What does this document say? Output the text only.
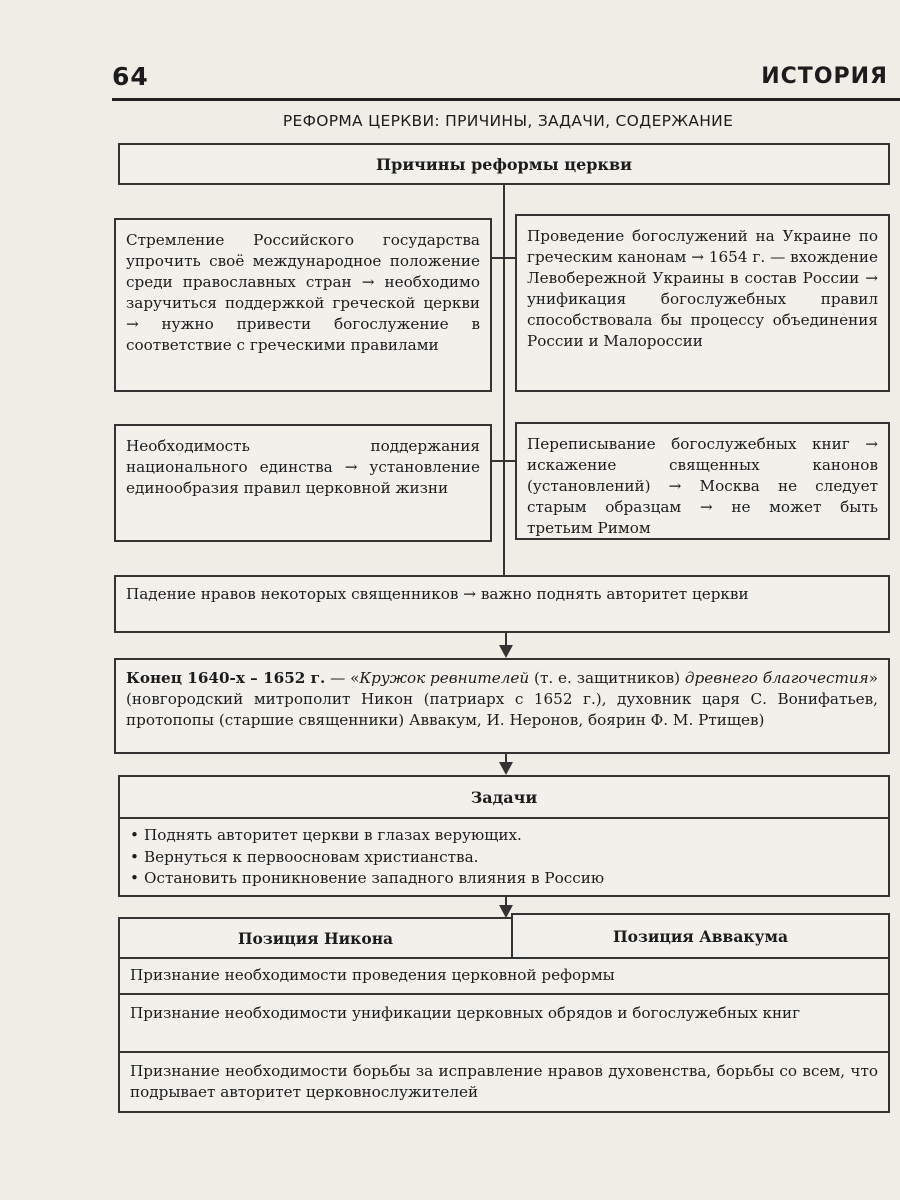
64	ИСТОРИЯ
РЕФОРМА ЦЕРКВИ: ПРИЧИНЫ, ЗАДАЧИ, СОДЕРЖАНИЕ
Причины реформы церкви
Стремление Российского государства упрочить своё международное положение среди православных стран → необходимо заручиться поддержкой греческой церкви → нужно привести богослужение в соответствие с греческими правилами
Проведение богослужений на Украине по греческим канонам → 1654 г. — вхождение Левобережной Украины в состав России → унификация богослужебных правил способствовала бы процессу объединения России и Малороссии
Необходимость поддержания национального единства → установление единообразия правил церковной жизни
Переписывание богослужебных книг → искажение священных канонов (установлений) → Москва не следует старым образцам → не может быть третьим Римом
Падение нравов некоторых священников → важно поднять авторитет церкви
Конец 1640-х – 1652 г. — «Кружок ревнителей (т. е. защитников) древнего благочестия» (новгородский митрополит Никон (патриарх с 1652 г.), духовник царя С. Вонифатьев, протопопы (старшие священники) Аввакум, И. Неронов, боярин Ф. М. Ртищев)
Задачи
• Поднять авторитет церкви в глазах верующих.
• Вернуться к первоосновам христианства.
• Остановить проникновение западного влияния в Россию
Позиция Никона	Позиция Аввакума
Признание необходимости проведения церковной реформы
Признание необходимости унификации церковных обрядов и богослужебных книг
Признание необходимости борьбы за исправление нравов духовенства, борьбы со всем, что подрывает авторитет церковнослужителей
